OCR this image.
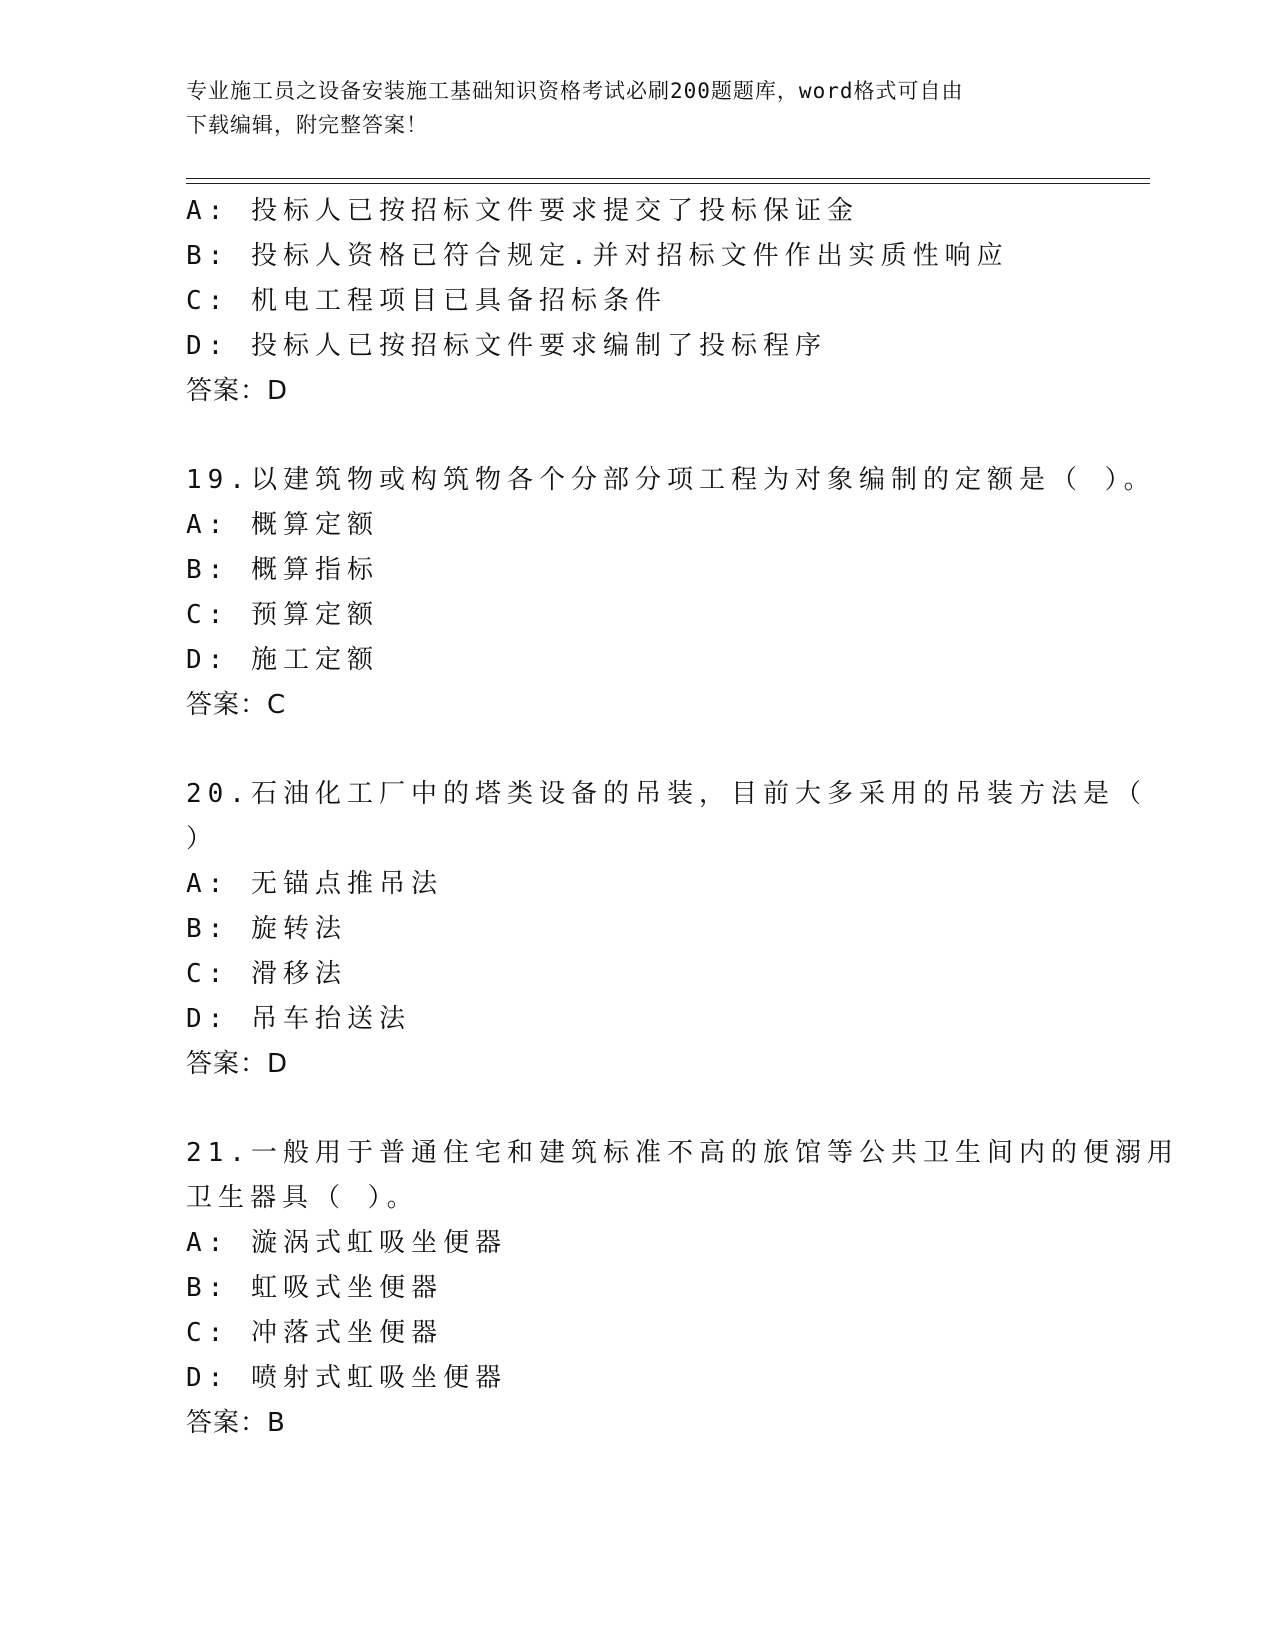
专业施工员之设备安装施工基础知识资格考试必刷200题题库，word格式可自由
下载编辑，附完整答案！
A: 投标人已按招标文件要求提交了投标保证金
B: 投标人资格已符合规定.并对招标文件作出实质性响应
C: 机电工程项目已具备招标条件
D: 投标人已按招标文件要求编制了投标程序
答案：D
19.以建筑物或构筑物各个分部分项工程为对象编制的定额是（ ）。
A: 概算定额
B: 概算指标
C: 预算定额
D: 施工定额
答案：C
20.石油化工厂中的塔类设备的吊装，目前大多采用的吊装方法是（
）
A: 无锚点推吊法
B: 旋转法
C: 滑移法
D: 吊车抬送法
答案：D
21.一般用于普通住宅和建筑标准不高的旅馆等公共卫生间内的便溺用
卫生器具（ ）。
A: 漩涡式虹吸坐便器
B: 虹吸式坐便器
C: 冲落式坐便器
D: 喷射式虹吸坐便器
答案：B
